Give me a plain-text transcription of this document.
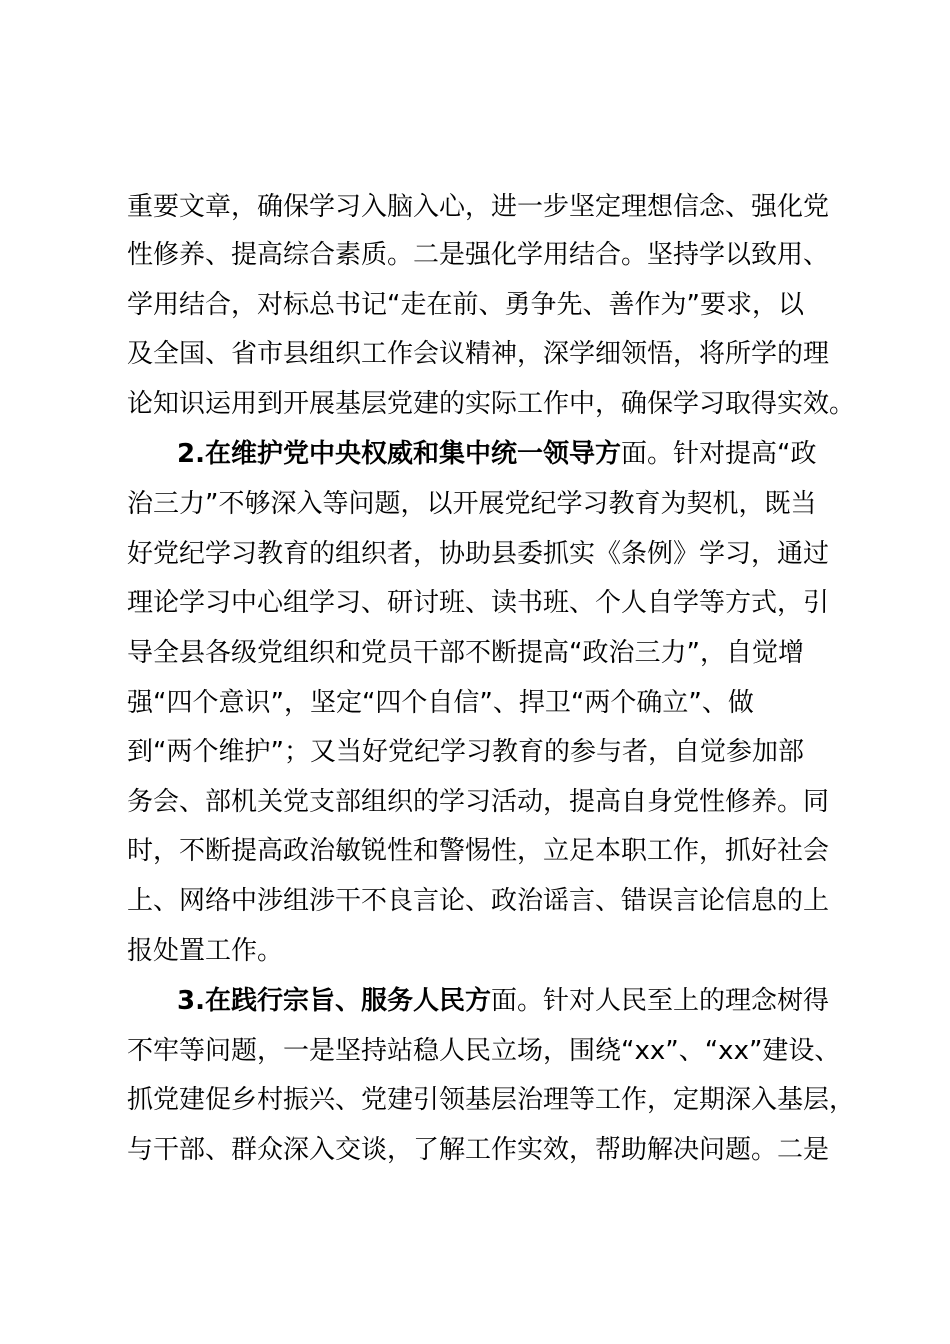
重要文章，确保学习入脑入心，进一步坚定理想信念、强化党
性修养、提高综合素质。二是强化学用结合。坚持学以致用、
学用结合，对标总书记“走在前、勇争先、善作为”要求，以
及全国、省市县组织工作会议精神，深学细领悟，将所学的理
论知识运用到开展基层党建的实际工作中，确保学习取得实效。
2.在维护党中央权威和集中统一领导方面。针对提高“政
治三力”不够深入等问题，以开展党纪学习教育为契机，既当
好党纪学习教育的组织者，协助县委抓实《条例》学习，通过
理论学习中心组学习、研讨班、读书班、个人自学等方式，引
导全县各级党组织和党员干部不断提高“政治三力”，自觉增
强“四个意识”，坚定“四个自信”、捍卫“两个确立”、做
到“两个维护”；又当好党纪学习教育的参与者，自觉参加部
务会、部机关党支部组织的学习活动，提高自身党性修养。同
时，不断提高政治敏锐性和警惕性，立足本职工作，抓好社会
上、网络中涉组涉干不良言论、政治谣言、错误言论信息的上
报处置工作。
3.在践行宗旨、服务人民方面。针对人民至上的理念树得
不牢等问题，一是坚持站稳人民立场，围绕“xx”、“xx”建设、
抓党建促乡村振兴、党建引领基层治理等工作，定期深入基层，
与干部、群众深入交谈，了解工作实效，帮助解决问题。二是
